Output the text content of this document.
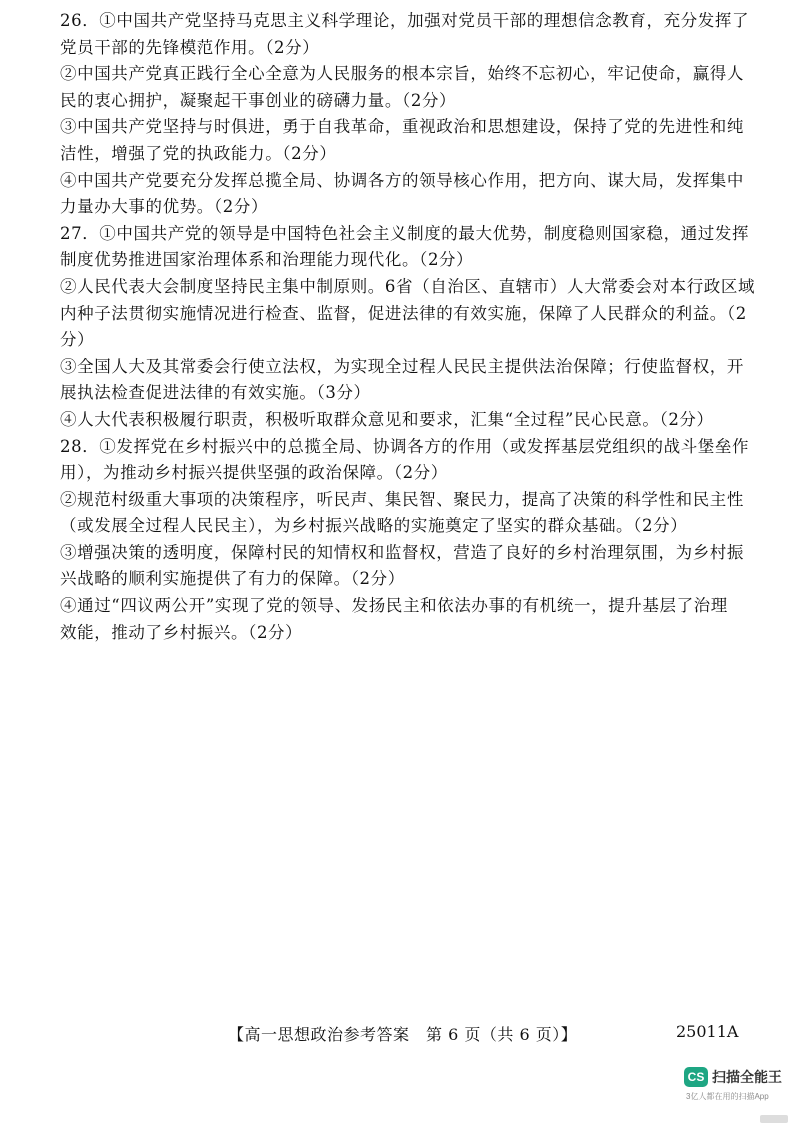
26．①中国共产党坚持马克思主义科学理论，加强对党员干部的理想信念教育，充分发挥了
党员干部的先锋模范作用。（2分）
②中国共产党真正践行全心全意为人民服务的根本宗旨，始终不忘初心，牢记使命，赢得人
民的衷心拥护，凝聚起干事创业的磅礴力量。（2分）
③中国共产党坚持与时俱进，勇于自我革命，重视政治和思想建设，保持了党的先进性和纯
洁性，增强了党的执政能力。（2分）
④中国共产党要充分发挥总揽全局、协调各方的领导核心作用，把方向、谋大局，发挥集中
力量办大事的优势。（2分）
27．①中国共产党的领导是中国特色社会主义制度的最大优势，制度稳则国家稳，通过发挥
制度优势推进国家治理体系和治理能力现代化。（2分）
②人民代表大会制度坚持民主集中制原则。6省（自治区、直辖市）人大常委会对本行政区域
内种子法贯彻实施情况进行检查、监督，促进法律的有效实施，保障了人民群众的利益。（2
分）
③全国人大及其常委会行使立法权，为实现全过程人民民主提供法治保障；行使监督权，开
展执法检查促进法律的有效实施。（3分）
④人大代表积极履行职责，积极听取群众意见和要求，汇集“全过程”民心民意。（2分）
28．①发挥党在乡村振兴中的总揽全局、协调各方的作用（或发挥基层党组织的战斗堡垒作
用），为推动乡村振兴提供坚强的政治保障。（2分）
②规范村级重大事项的决策程序，听民声、集民智、聚民力，提高了决策的科学性和民主性
（或发展全过程人民民主），为乡村振兴战略的实施奠定了坚实的群众基础。（2分）
③增强决策的透明度，保障村民的知情权和监督权，营造了良好的乡村治理氛围，为乡村振
兴战略的顺利实施提供了有力的保障。（2分）
④通过“四议两公开”实现了党的领导、发扬民主和依法办事的有机统一，提升基层了治理
效能，推动了乡村振兴。（2分）
【高一思想政治参考答案　第 6 页（共 6 页）】	25011A
CS 扫描全能王
3亿人都在用的扫描App
